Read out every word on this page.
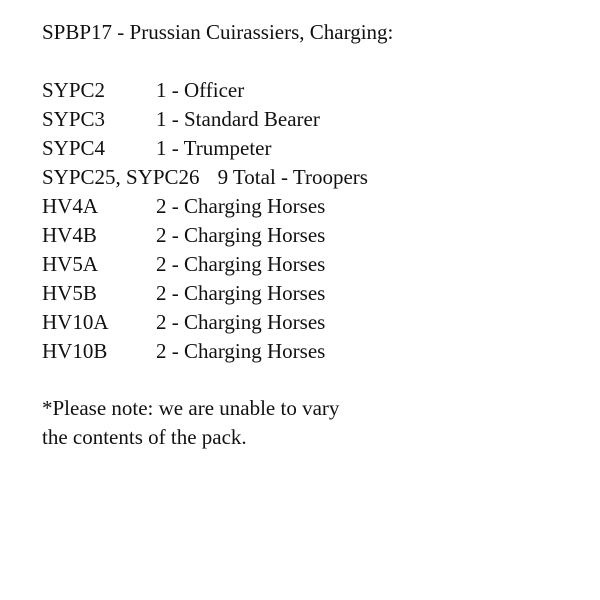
SPBP17 - Prussian Cuirassiers, Charging:
SYPC2	1 - Officer
SYPC3	1 - Standard Bearer
SYPC4	1 - Trumpeter
SYPC25, SYPC26 9 Total - Troopers
HV4A	2 - Charging Horses
HV4B	2 - Charging Horses
HV5A	2 - Charging Horses
HV5B	2 - Charging Horses
HV10A	2 - Charging Horses
HV10B	2 - Charging Horses
*Please note: we are unable to vary
the contents of the pack.
